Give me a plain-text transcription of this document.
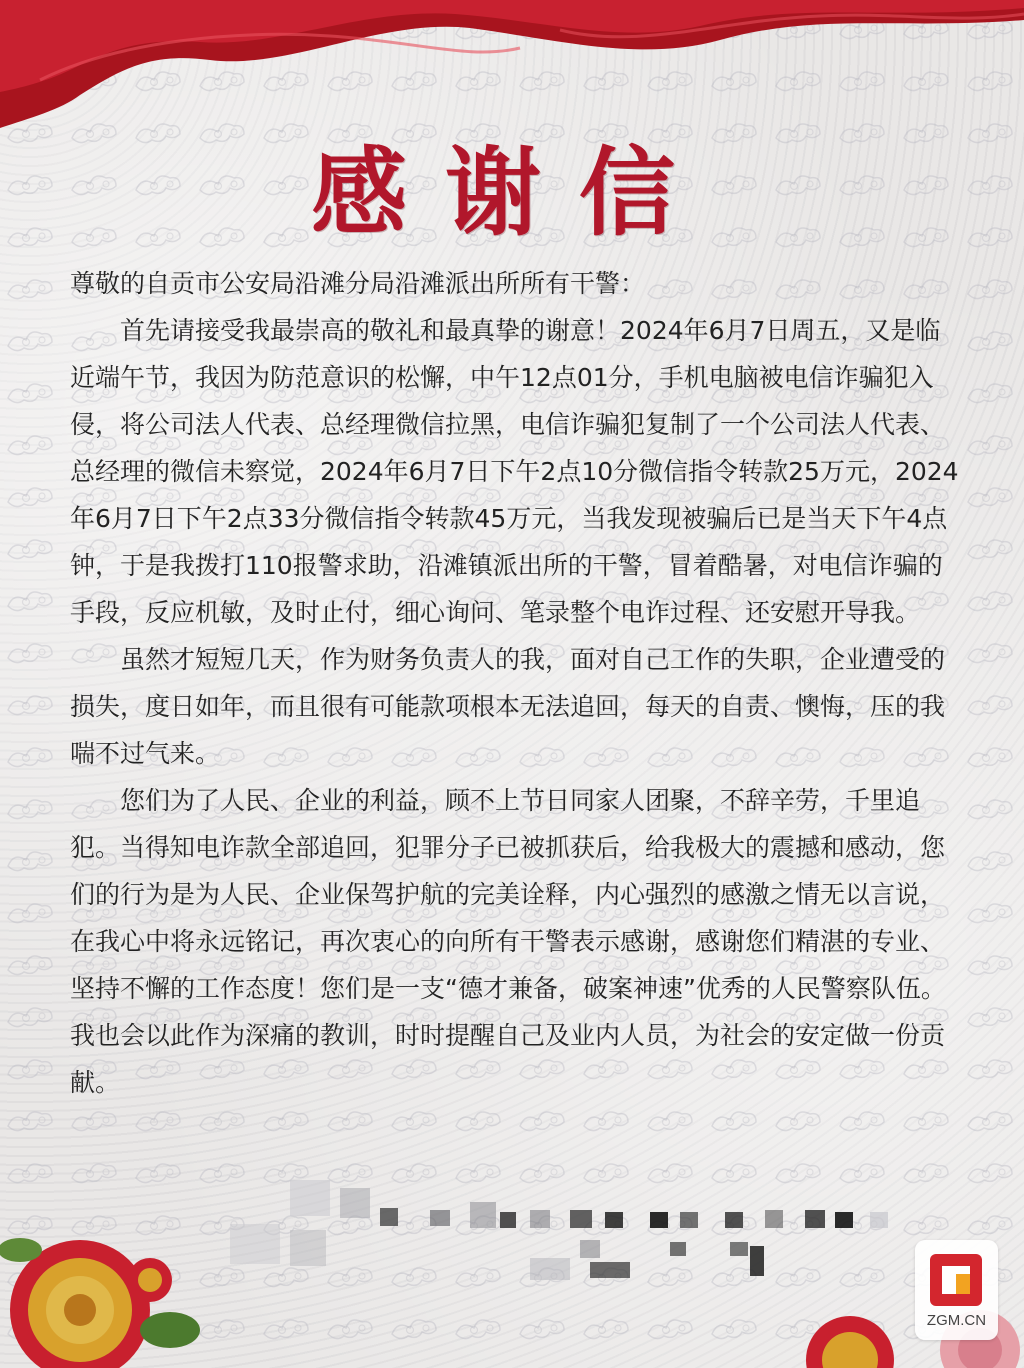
感谢信

尊敬的自贡市公安局沿滩分局沿滩派出所所有干警：

首先请接受我最崇高的敬礼和最真挚的谢意！2024年6月7日周五，又是临近端午节，我因为防范意识的松懈，中午12点01分，手机电脑被电信诈骗犯入侵，将公司法人代表、总经理微信拉黑，电信诈骗犯复制了一个公司法人代表、总经理的微信未察觉，2024年6月7日下午2点10分微信指令转款25万元，2024年6月7日下午2点33分微信指令转款45万元，当我发现被骗后已是当天下午4点钟，于是我拨打110报警求助，沿滩镇派出所的干警，冒着酷暑，对电信诈骗的手段，反应机敏，及时止付，细心询问、笔录整个电诈过程、还安慰开导我。

虽然才短短几天，作为财务负责人的我，面对自己工作的失职，企业遭受的损失，度日如年，而且很有可能款项根本无法追回，每天的自责、懊悔，压的我喘不过气来。

您们为了人民、企业的利益，顾不上节日同家人团聚，不辞辛劳，千里追犯。当得知电诈款全部追回，犯罪分子已被抓获后，给我极大的震撼和感动，您们的行为是为人民、企业保驾护航的完美诠释，内心强烈的感激之情无以言说，在我心中将永远铭记，再次衷心的向所有干警表示感谢，感谢您们精湛的专业、坚持不懈的工作态度！您们是一支“德才兼备，破案神速”优秀的人民警察队伍。我也会以此作为深痛的教训，时时提醒自己及业内人员，为社会的安定做一份贡献。

ZGM.CN
